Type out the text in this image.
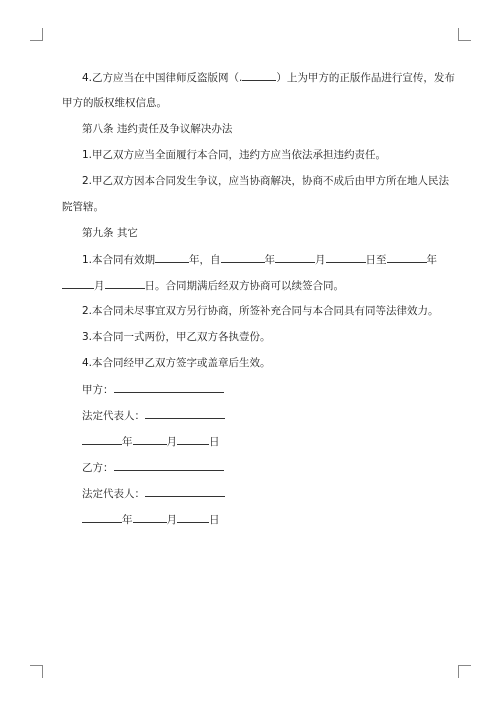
4.乙方应当在中国律师反盗版网（.	）上为甲方的正版作品进行宣传，发布
甲方的版权维权信息。
第八条 违约责任及争议解决办法
1.甲乙双方应当全面履行本合同，违约方应当依法承担违约责任。
2.甲乙双方因本合同发生争议，应当协商解决，协商不成后由甲方所在地人民法
院管辖。
第九条 其它
1.本合同有效期	年，自	年	月	日至	年
月	日。合同期满后经双方协商可以续签合同。
2.本合同未尽事宜双方另行协商，所签补充合同与本合同具有同等法律效力。
3.本合同一式两份，甲乙双方各执壹份。
4.本合同经甲乙双方签字或盖章后生效。
甲方：
法定代表人：
年	月	日
乙方：
法定代表人：
年	月	日
